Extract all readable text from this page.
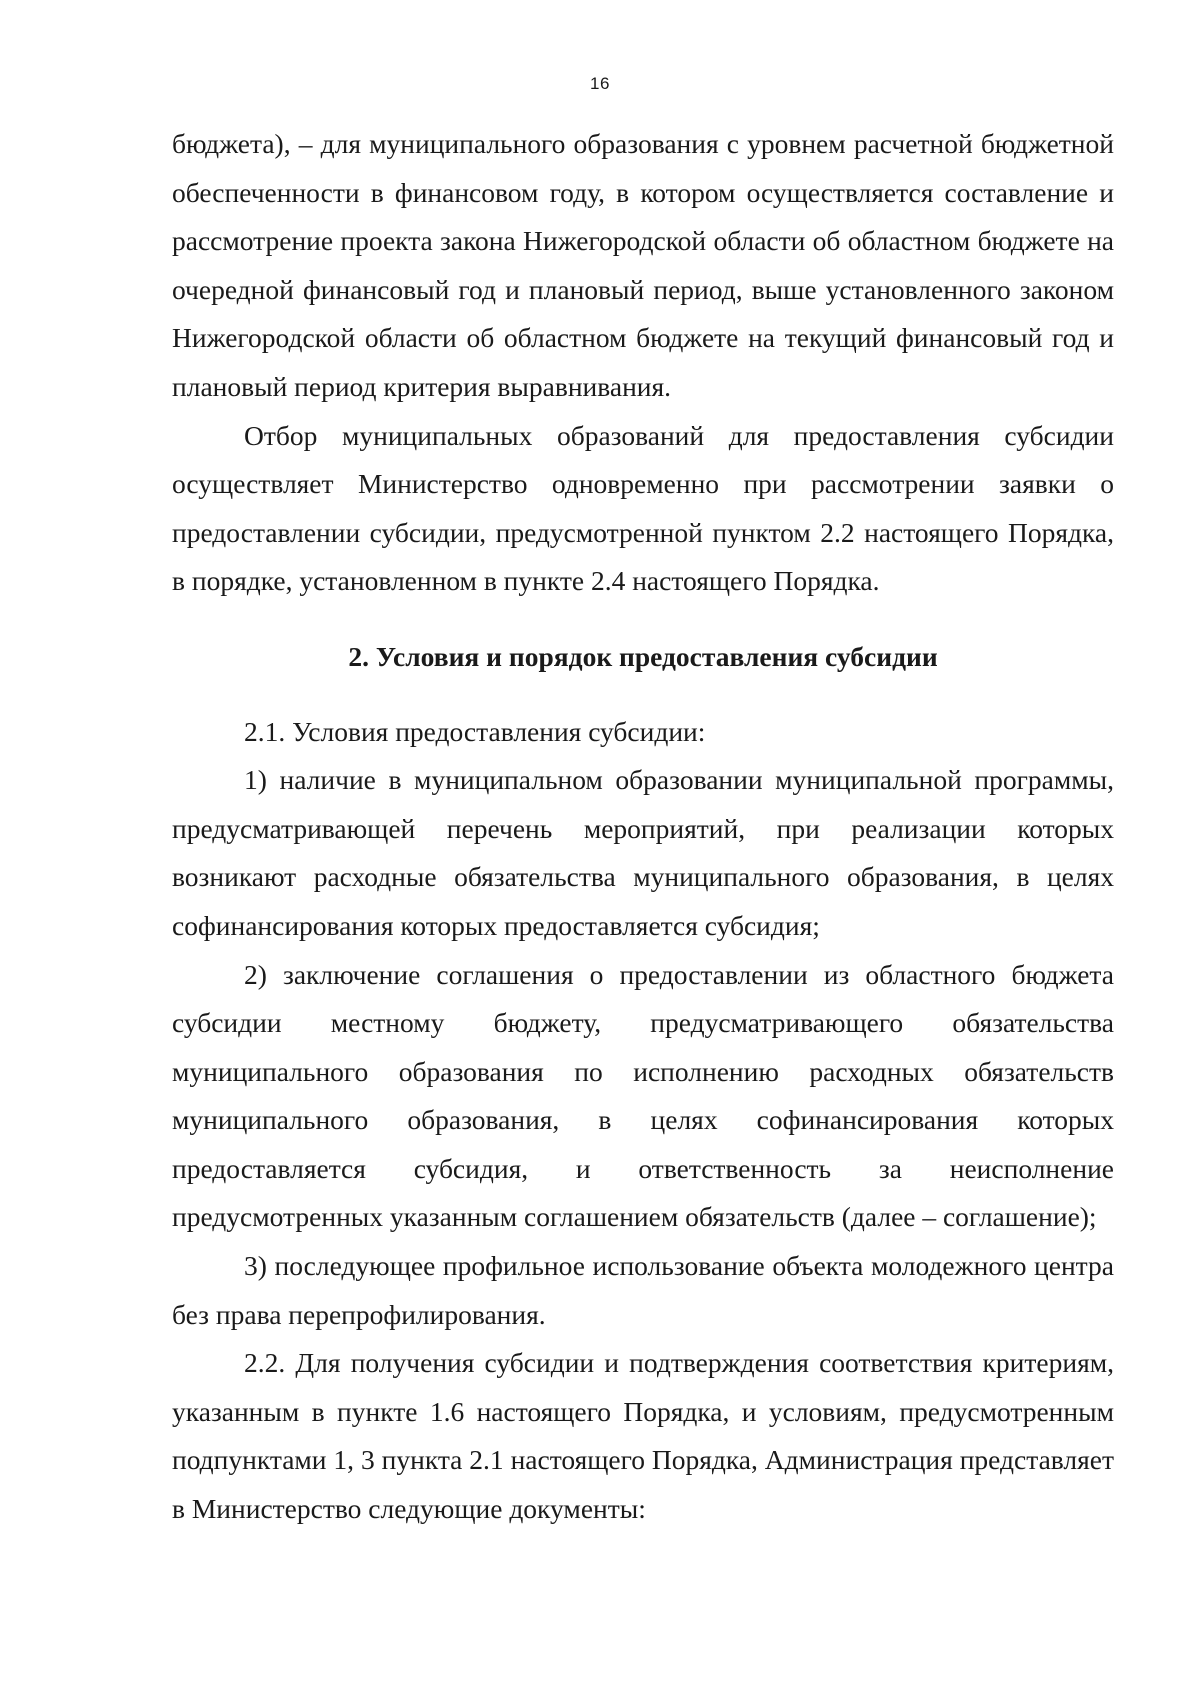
16

бюджета), – для муниципального образования с уровнем расчетной бюджетной обеспеченности в финансовом году, в котором осуществляется составление и рассмотрение проекта закона Нижегородской области об областном бюджете на очередной финансовый год и плановый период, выше установленного законом Нижегородской области об областном бюджете на текущий финансовый год и плановый период критерия выравнивания.

Отбор муниципальных образований для предоставления субсидии осуществляет Министерство одновременно при рассмотрении заявки о предоставлении субсидии, предусмотренной пунктом 2.2 настоящего Порядка, в порядке, установленном в пункте 2.4 настоящего Порядка.

2. Условия и порядок предоставления субсидии

2.1. Условия предоставления субсидии:

1) наличие в муниципальном образовании муниципальной программы, предусматривающей перечень мероприятий, при реализации которых возникают расходные обязательства муниципального образования, в целях софинансирования которых предоставляется субсидия;

2) заключение соглашения о предоставлении из областного бюджета субсидии местному бюджету, предусматривающего обязательства муниципального образования по исполнению расходных обязательств муниципального образования, в целях софинансирования которых предоставляется субсидия, и ответственность за неисполнение предусмотренных указанным соглашением обязательств (далее – соглашение);

3) последующее профильное использование объекта молодежного центра без права перепрофилирования.

2.2. Для получения субсидии и подтверждения соответствия критериям, указанным в пункте 1.6 настоящего Порядка, и условиям, предусмотренным подпунктами 1, 3 пункта 2.1 настоящего Порядка, Администрация представляет в Министерство следующие документы:
